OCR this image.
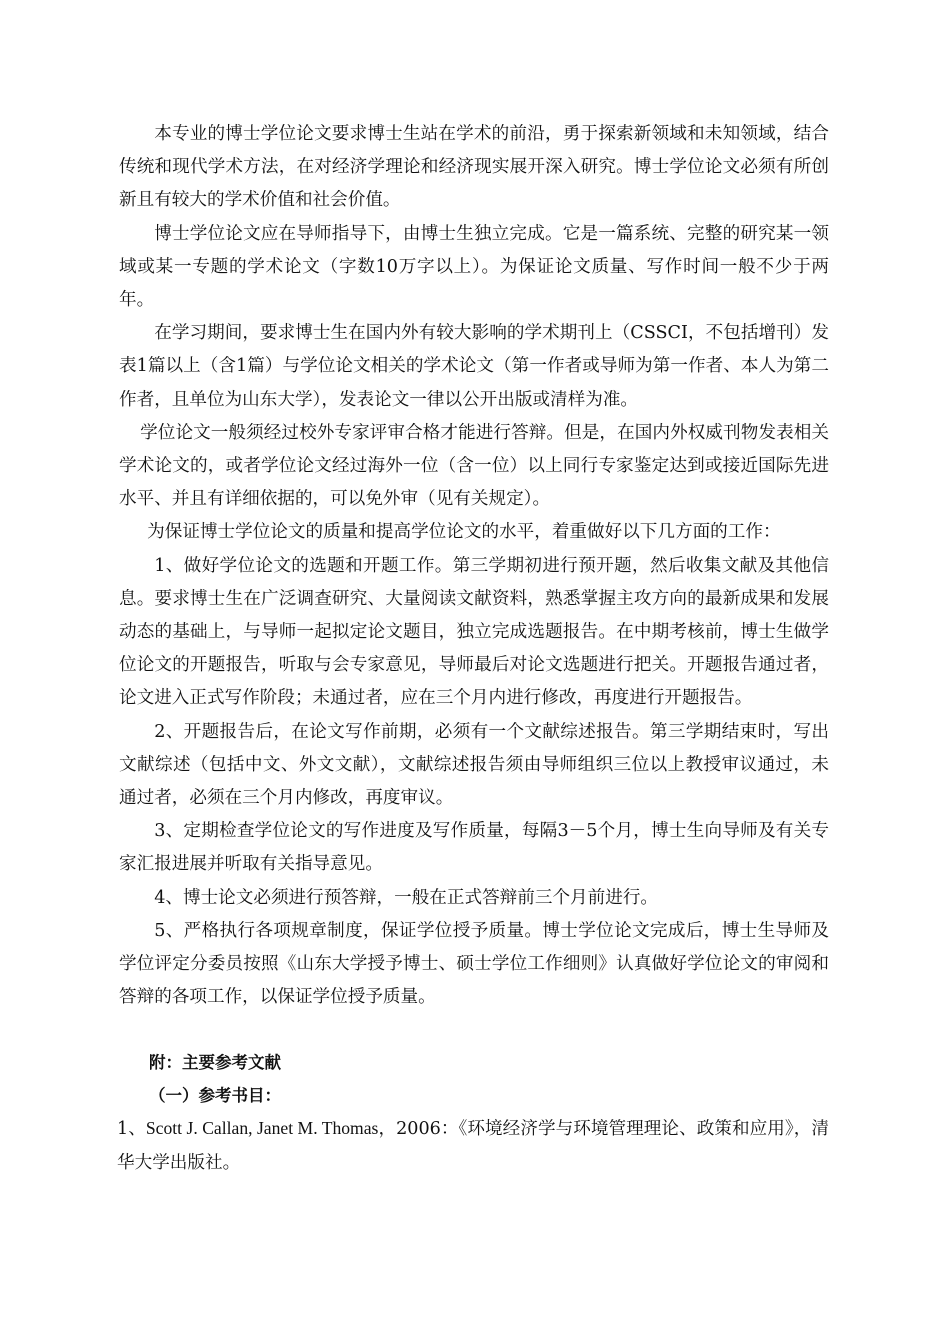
本专业的博士学位论文要求博士生站在学术的前沿，勇于探索新领域和未知领域，结合传统和现代学术方法，在对经济学理论和经济现实展开深入研究。博士学位论文必须有所创新且有较大的学术价值和社会价值。

博士学位论文应在导师指导下，由博士生独立完成。它是一篇系统、完整的研究某一领域或某一专题的学术论文（字数10万字以上）。为保证论文质量、写作时间一般不少于两年。

在学习期间，要求博士生在国内外有较大影响的学术期刊上（CSSCI，不包括增刊）发表1篇以上（含1篇）与学位论文相关的学术论文（第一作者或导师为第一作者、本人为第二作者，且单位为山东大学），发表论文一律以公开出版或清样为准。

学位论文一般须经过校外专家评审合格才能进行答辩。但是，在国内外权威刊物发表相关学术论文的，或者学位论文经过海外一位（含一位）以上同行专家鉴定达到或接近国际先进水平、并且有详细依据的，可以免外审（见有关规定）。

为保证博士学位论文的质量和提高学位论文的水平，着重做好以下几方面的工作：

1、做好学位论文的选题和开题工作。第三学期初进行预开题，然后收集文献及其他信息。要求博士生在广泛调查研究、大量阅读文献资料，熟悉掌握主攻方向的最新成果和发展动态的基础上，与导师一起拟定论文题目，独立完成选题报告。在中期考核前，博士生做学位论文的开题报告，听取与会专家意见，导师最后对论文选题进行把关。开题报告通过者，论文进入正式写作阶段；未通过者，应在三个月内进行修改，再度进行开题报告。

2、开题报告后，在论文写作前期，必须有一个文献综述报告。第三学期结束时，写出文献综述（包括中文、外文文献），文献综述报告须由导师组织三位以上教授审议通过，未通过者，必须在三个月内修改，再度审议。

3、定期检查学位论文的写作进度及写作质量，每隔3－5个月，博士生向导师及有关专家汇报进展并听取有关指导意见。

4、博士论文必须进行预答辩，一般在正式答辩前三个月前进行。

5、严格执行各项规章制度，保证学位授予质量。博士学位论文完成后，博士生导师及学位评定分委员按照《山东大学授予博士、硕士学位工作细则》认真做好学位论文的审阅和答辩的各项工作，以保证学位授予质量。

附：主要参考文献

（一）参考书目：

1、Scott J. Callan, Janet M. Thomas，2006：《环境经济学与环境管理理论、政策和应用》，清华大学出版社。
